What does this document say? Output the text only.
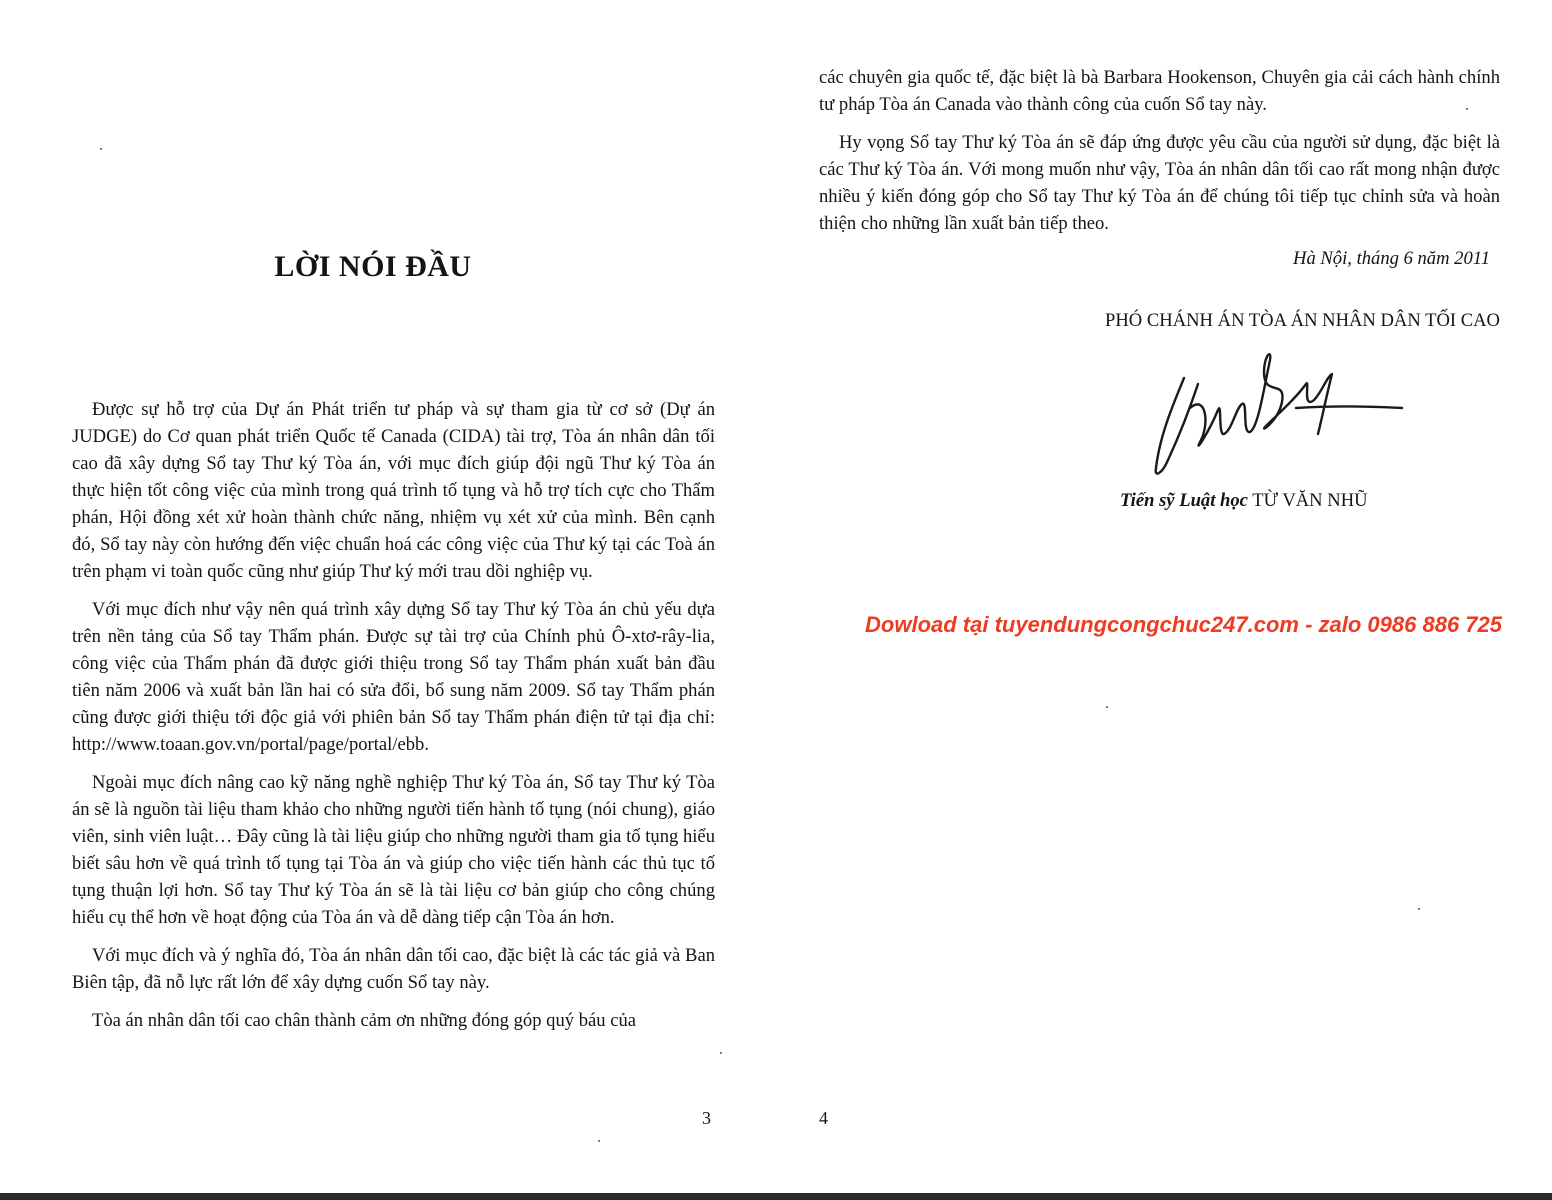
LỜI NÓI ĐẦU

Được sự hỗ trợ của Dự án Phát triển tư pháp và sự tham gia từ cơ sở (Dự án JUDGE) do Cơ quan phát triển Quốc tế Canada (CIDA) tài trợ, Tòa án nhân dân tối cao đã xây dựng Sổ tay Thư ký Tòa án, với mục đích giúp đội ngũ Thư ký Tòa án thực hiện tốt công việc của mình trong quá trình tố tụng và hỗ trợ tích cực cho Thẩm phán, Hội đồng xét xử hoàn thành chức năng, nhiệm vụ xét xử của mình. Bên cạnh đó, Sổ tay này còn hướng đến việc chuẩn hoá các công việc của Thư ký tại các Toà án trên phạm vi toàn quốc cũng như giúp Thư ký mới trau dồi nghiệp vụ.

Với mục đích như vậy nên quá trình xây dựng Sổ tay Thư ký Tòa án chủ yếu dựa trên nền tảng của Sổ tay Thẩm phán. Được sự tài trợ của Chính phủ Ô-xtơ-rây-lia, công việc của Thẩm phán đã được giới thiệu trong Sổ tay Thẩm phán xuất bản đầu tiên năm 2006 và xuất bản lần hai có sửa đổi, bổ sung năm 2009. Sổ tay Thẩm phán cũng được giới thiệu tới độc giả với phiên bản Sổ tay Thẩm phán điện tử tại địa chỉ: http://www.toaan.gov.vn/portal/page/portal/ebb.

Ngoài mục đích nâng cao kỹ năng nghề nghiệp Thư ký Tòa án, Sổ tay Thư ký Tòa án sẽ là nguồn tài liệu tham khảo cho những người tiến hành tố tụng (nói chung), giáo viên, sinh viên luật… Đây cũng là tài liệu giúp cho những người tham gia tố tụng hiểu biết sâu hơn về quá trình tố tụng tại Tòa án và giúp cho việc tiến hành các thủ tục tố tụng thuận lợi hơn. Sổ tay Thư ký Tòa án sẽ là tài liệu cơ bản giúp cho công chúng hiểu cụ thể hơn về hoạt động của Tòa án và dễ dàng tiếp cận Tòa án hơn.

Với mục đích và ý nghĩa đó, Tòa án nhân dân tối cao, đặc biệt là các tác giả và Ban Biên tập, đã nỗ lực rất lớn để xây dựng cuốn Sổ tay này.

Tòa án nhân dân tối cao chân thành cảm ơn những đóng góp quý báu của

3

các chuyên gia quốc tế, đặc biệt là bà Barbara Hookenson, Chuyên gia cải cách hành chính tư pháp Tòa án Canada vào thành công của cuốn Sổ tay này.

Hy vọng Sổ tay Thư ký Tòa án sẽ đáp ứng được yêu cầu của người sử dụng, đặc biệt là các Thư ký Tòa án. Với mong muốn như vậy, Tòa án nhân dân tối cao rất mong nhận được nhiều ý kiến đóng góp cho Sổ tay Thư ký Tòa án để chúng tôi tiếp tục chỉnh sửa và hoàn thiện cho những lần xuất bản tiếp theo.

Hà Nội, tháng 6 năm 2011
PHÓ CHÁNH ÁN TÒA ÁN NHÂN DÂN TỐI CAO
Tiến sỹ Luật học TỪ VĂN NHŨ
Dowload tại tuyendungcongchuc247.com - zalo 0986 886 725
4
